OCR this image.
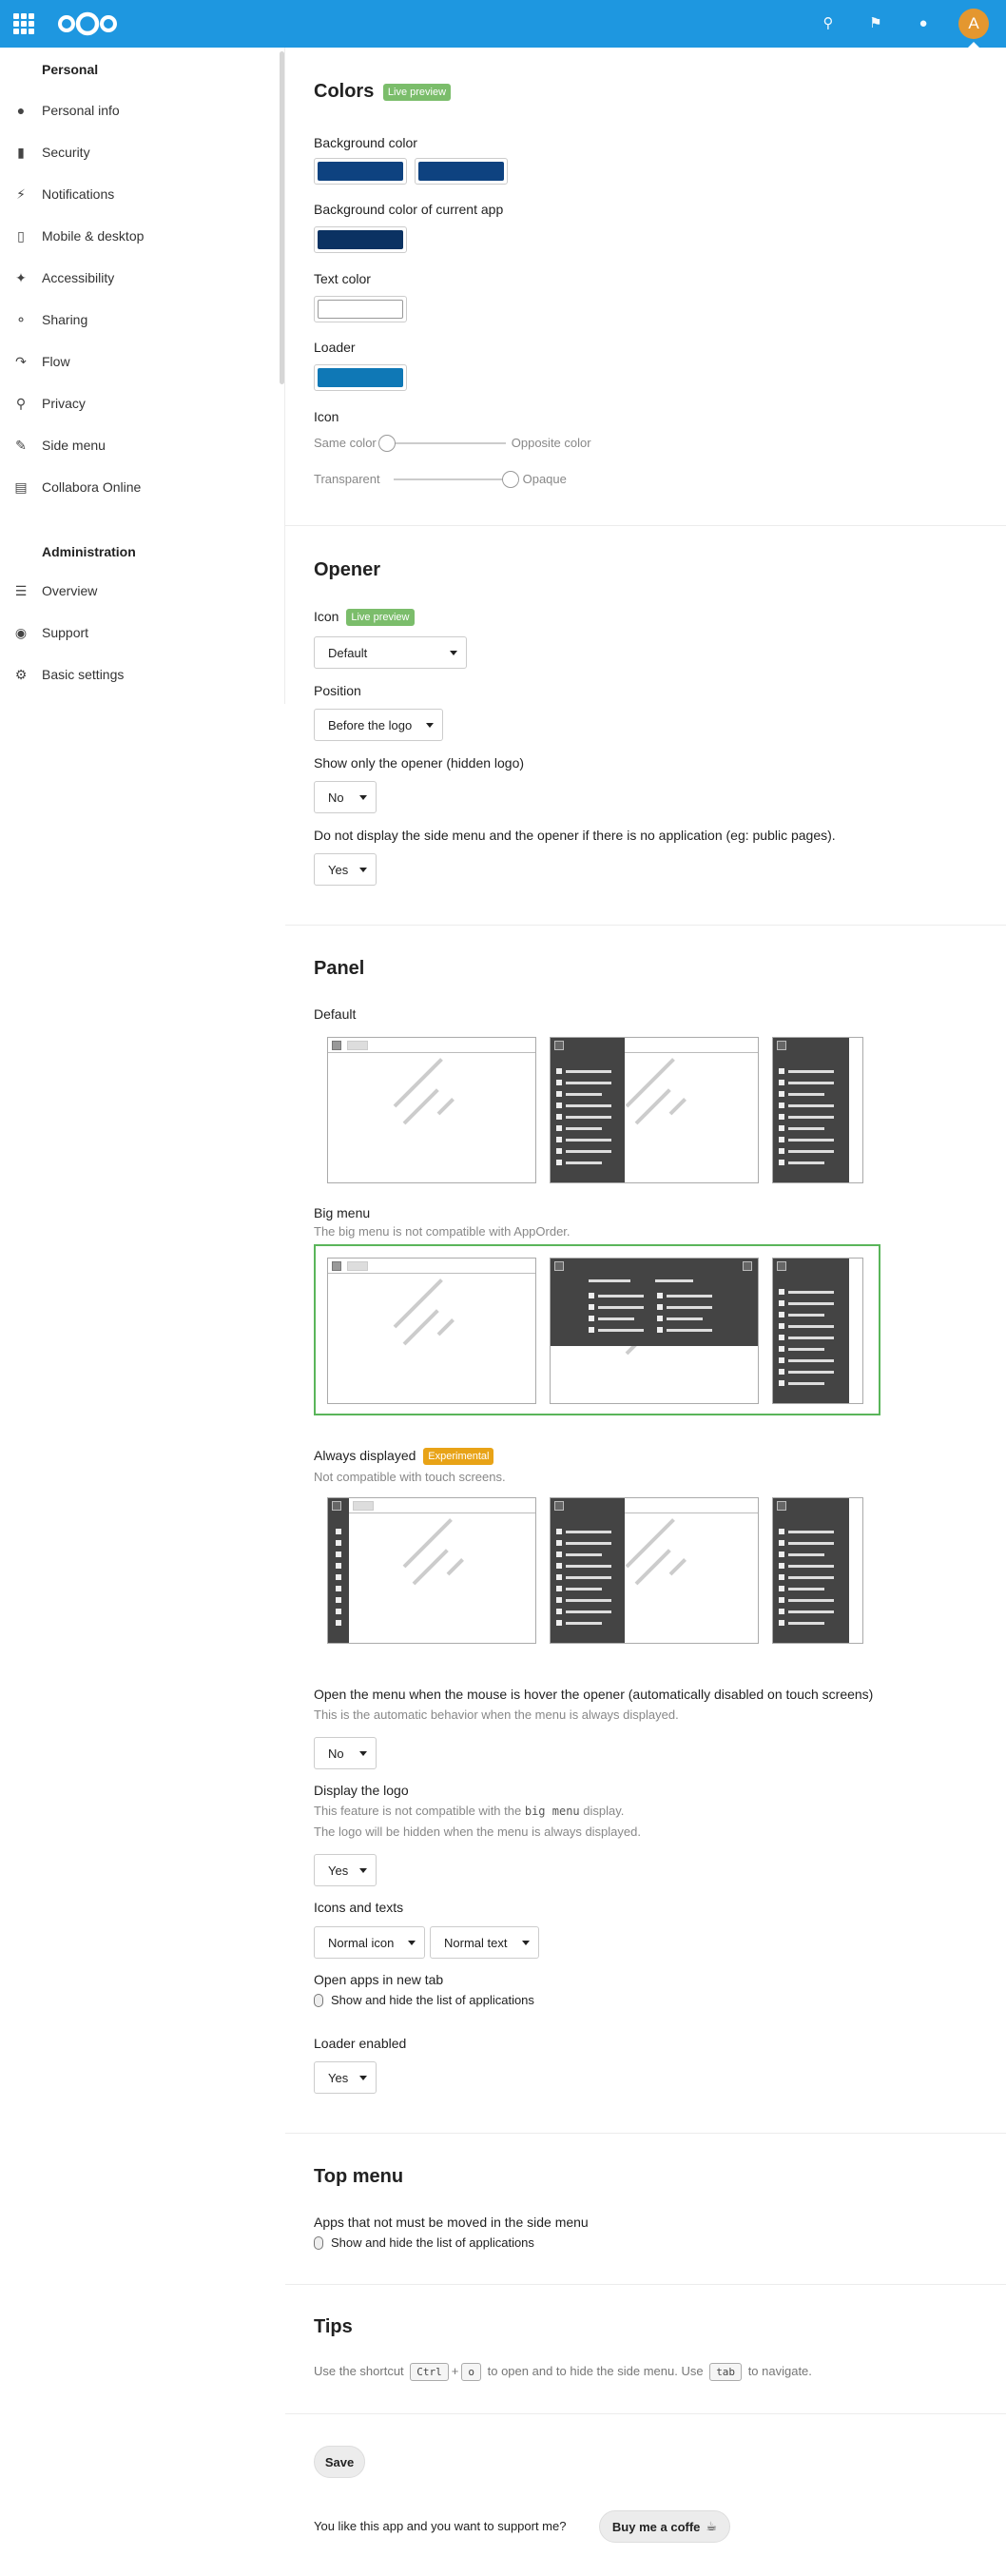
⚲	⚑	●	A
Personal
●	Personal info
▮	Security
⚡	Notifications
▯	Mobile & desktop
✦	Accessibility
⚬	Sharing
↷	Flow
⚲	Privacy
✎	Side menu
▤	Collabora Online
Administration
☰	Overview
◉	Support
⚙	Basic settings
Colors Live preview
Background color
Background color of current app
Text color
Loader
Icon
Same color	Opposite color
Transparent	Opaque
Opener
Icon Live preview
Default
Position
Before the logo
Show only the opener (hidden logo)
No
Do not display the side menu and the opener if there is no application (eg: public pages).
Yes
Panel
Default
Big menu
The big menu is not compatible with AppOrder.
Always displayed Experimental
Not compatible with touch screens.
Open the menu when the mouse is hover the opener (automatically disabled on touch screens)
This is the automatic behavior when the menu is always displayed.
No
Display the logo
This feature is not compatible with the big menu display.
The logo will be hidden when the menu is always displayed.
Yes
Icons and texts
Normal icon	Normal text
Open apps in new tab
Show and hide the list of applications
Loader enabled
Yes
Top menu
Apps that not must be moved in the side menu
Show and hide the list of applications
Tips
Use the shortcut Ctrl + o to open and to hide the side menu. Use tab to navigate.
Save
You like this app and you want to support me?	Buy me a coffe ☕
